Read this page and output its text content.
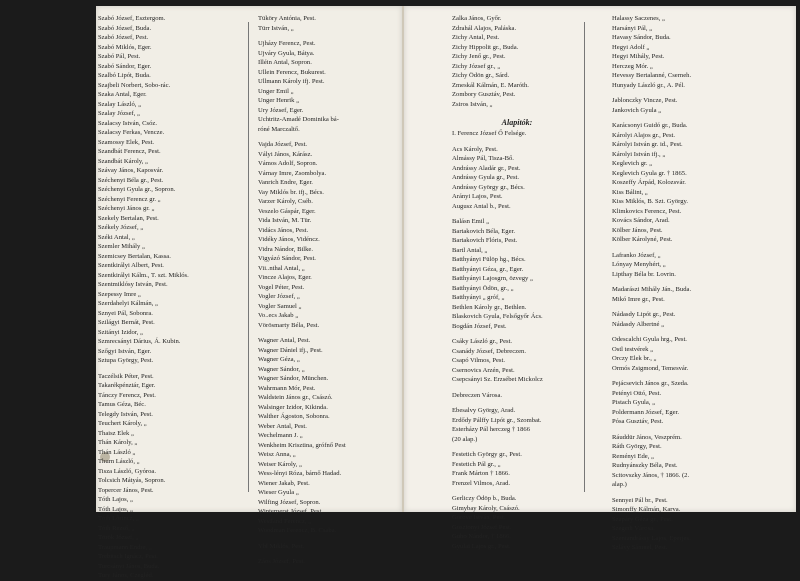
Szabó József, Esztergom.
Szabó József, Buda.
Szabó József, Pest.
Szabó Miklós, Eger.
Szabó Pál, Pest.
Szabó Sándor, Eger.
Szalbó Lipót, Buda.
Szajbeli Norbert, Sobo-rác.
Szaka Antal, Eger.
Szalay László, „
Szalay József, „
Szalacsy István, Csóz.
Szalacsy Ferkas, Vencze.
Szamossy Elek, Pest.
Szandbát Ferencz, Pest.
Szandbát Károly, „
Szávay János, Kaposvár.
Széchenyi Béla gr., Pest.
Széchenyi Gyula gr., Sopron.
Széchenyi Ferencz gr. „
Széchenyi János gr. „
Szekely Bertalan, Pest.
Székely József, „
Széki Antal, „
Szemler Mihály „
Szemicsey Bertalan, Kassa.
Szentkirályi Albert, Pest.
Szentkirályi Kálm., T. szt. Miklós.
Szentmiklósy István, Pest.
Szepessy Imre „
Szerdahelyi Kálmán, „
Sznyei Pál, Sobonra.
Szilágyi Bernát, Pest.
Szitányi Izidor, „
Szmrecsányi Dárius, Á. Kubin.
Szőgyi István, Eger.
Sztupa György, Pest.
Taczélsik Péter, Pest.
Takarékpénztár, Eger.
Tánczy Ferencz, Pest.
Tamus Géza, Béc.
Telegdy István, Pest.
Teuchert Károly, „
Thaisz Elek „
Thán Károly, „
Thán László „
Thurn László, „
Tisza László, Gyóroa.
Tolcsich Mátyás, Sopron.
Topercer János, Pest.
Tóth Lajos, „
Tóth Lajos, „
Tóth Lőrincz, „
Tóth Rezső, „
Török József, „
Traupmann Endre, „
Trebitsch Ignácz, Pest.
Turcsányi János, Buda.
Tury János, Czegléd.
Tüköry Antónia, Pest.
Türr István, „
Ujházy Ferencz, Pest.
Ujváry Gyula, Bátya.
Illéin Antal, Sopron.
Ullein Ferencz, Bukurest.
Ullmann Károly ifj. Pest.
Unger Emil „
Unger Henrik „
Ury József, Eger.
Uchtritz-Amadé Dominika bá-
róné Marczaltő.
Vajda József, Pest.
Vályi János, Kárász.
Vámos Adolf, Sopron.
Várnay Imre, Zsombolya.
Vanrich Endre, Eger.
Vay Miklós br. ifj., Bécs.
Varzer Károly, Cséb.
Veszelo Gáspár, Eger.
Vida István, M. Tür.
Vidács János, Pest.
Vidéky János, Vidéncz.
Vidra Nándor, Bilke.
Vigyázó Sándor, Pest.
Vii..nthal Antal, „
Vincze Alajos, Eger.
Vogel Péter, Pest.
Vogler József, „
Vogler Samuel „
Vo..ecs Jakab „
Vörösmarty Béla, Pest.
Wagner Antal, Pest.
Wagner Dániel ifj., Pest.
Wagner Géza, „
Wagner Sándor, „
Wagner Sándor, München.
Wahrmann Mór, Pest.
Waldstein János gr., Császó.
Walsinger Izidor, Kikinda.
Walther Ágoston, Sobonra.
Weber Antal, Pest.
Wechelmann J. „
Wenkheim Krisztina, grófnő Pest
Weisz Anna, „
Weiser Károly, „
Wess-lényi Róza, bárnő Hadad.
Wiener Jakab, Pest.
Wieser Gyula „
Wilfing József, Sopron.
Winterperst József, Pest.
Westland Ferencz, „
Woodman Ferencz, B. Csaba.
Ybl Miklós, Pest.
Záos József, Pest.
Zalka János, Győr.
Zdrahál Alajos, Paláska.
Zichy Antal, Pest.
Zichy Hippolit gr., Buda.
Zichy Jenő gr., Pest.
Zichy József gr., „
Zichy Ödön gr., Sárd.
Zmeskál Kálmán, E. Maróth.
Zombory Gusztáv, Pest.
Zsiros István, „
Alapitók:
I. Ferencz József Ő Felsége.
Acs Károly, Pest.
Almássy Pál, Tisza-Bő.
Andrássy Aladár gr., Pest.
Andrássy Gyula gr., Pest.
Andrássy György gr., Bécs.
Arányi Lajos, Pest.
Augusz Antal b., Pest.
Balásn Emil „
Bartakovich Béla, Eger.
Bartakovich Flóris, Pest.
Bartl Antal, „
Batthyányi Fülöp hg., Bécs.
Batthyányi Géza, gr., Eger.
Batthyányi Lajosgrn, özvegy „
Batthyányi Ödön, gr., „
Batthyányi „ gróf, „
Bethlen Károly gr., Bethlen.
Blaskovich Gyula, Felsőgyőr Ács.
Bogdán József, Pest.
Csáky László gr., Pest.
Csanády József, Debreczen.
Csapó Vilmos, Pest.
Csernovics Arzén, Pest.
Csepcsányi Sz. Erzsébet Mickolcz
Debreczen Városa.
Ebesalvy György, Arad.
Erdődy Pálffy Lipót gr., Szombat.
Esterházy Pál herczeg † 1866
(20 alap.)
Festetich György gr., Pest.
Festetich Pál gr., „
Frank Márton † 1866.
Frenzel Vilmos, Arad.
Gerliczy Ödöp b., Buda.
Gimybay Károly, Császó.
Gorove István, Pest.
Gosztonyi József Pest.
Gubo Nándor, † 1866.
Gyulai Lajos gr., Pest.
Halassy Saczenes, „
Harsányi Pál, „
Havasy Sándor, Buda.
Hegyi Adolf „
Hegyi Mihály, Pest.
Herczeg Mór. „
Hevessy Bertalanné, Cserneh.
Hunyady László gr., A. Pél.
Jablonczky Vincze, Pest.
Jankovich Gyula „
Karácsonyi Guidó gr., Buda.
Károlyi Alajos gr., Pest.
Károlyi István gr. id., Pest.
Károlyi István ifj., „
Keglevich gr. „
Keglevich Gyula gr. † 1865.
Koszeffy Árpád, Kolozsvár.
Kiss Bálint, „
Kiss Miklós, B. Szt. György.
Klimkovics Ferencz, Pest.
Kovács Sándor, Arad.
Kölber János, Pest.
Kölber Károlyné, Pest.
Lafranko József, „
Lónyay Menyhért, „
Lipthay Béla br. Lovrin.
Madarászi Mihály Ján., Buda.
Mikó Imre gr., Pest.
Nádasdy Lipót gr., Pest.
Nádasdy Albertné „
Odescalchi Gyula hrg., Pest.
Ostl testvérek „
Orczy Elek br., „
Ormós Zsigmond, Temesvár.
Pejácsevich János gr., Szeda.
Petényi Ottó, Pest.
Pistach Gyula, „
Poldermann József, Eger.
Pósa Gusztáv, Pest.
Ráuddür János, Veszprém.
Ráth György, Pest.
Reményi Ede, „
Rudnyánszky Béla, Pest.
Scitovszky János, † 1866. (2.
alap.)
Sennyei Pál br., Pest.
Simonffy Kálmán, Karva.
Szapáry Géza gr., Pest.
Szegedi Városa.
Szentandrássy Lajos, Eperjes.
Szlávy Sámuel, Pest.
